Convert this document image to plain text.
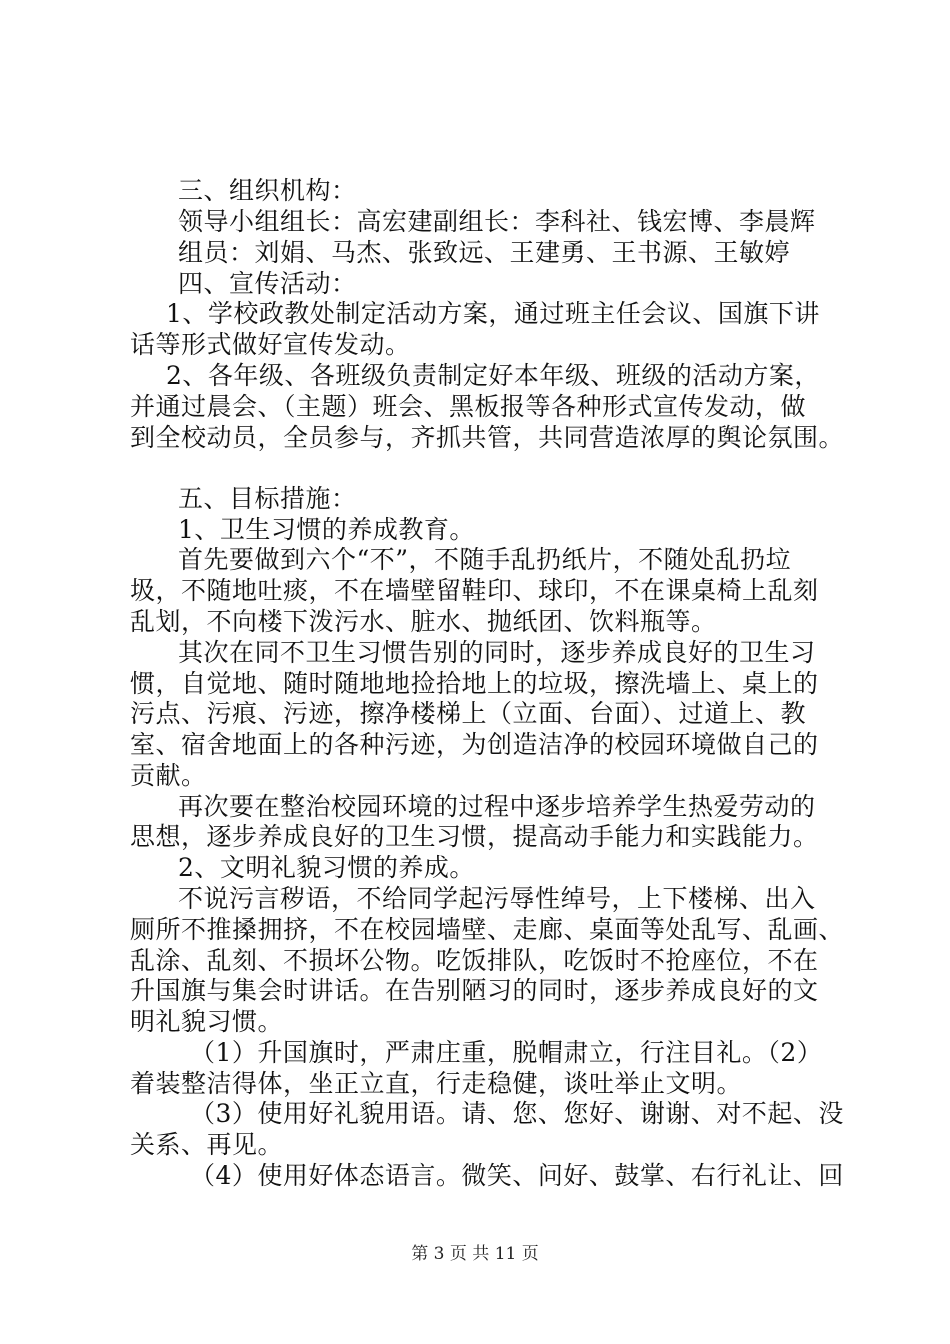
三、组织机构：
领导小组组长：高宏建副组长：李科社、钱宏博、李晨辉
组员：刘娟、马杰、张致远、王建勇、王书源、王敏婷
四、宣传活动：
1、学校政教处制定活动方案，通过班主任会议、国旗下讲
话等形式做好宣传发动。
2、各年级、各班级负责制定好本年级、班级的活动方案，
并通过晨会、（主题）班会、黑板报等各种形式宣传发动，做
到全校动员，全员参与，齐抓共管，共同营造浓厚的舆论氛围。
五、目标措施：
1、卫生习惯的养成教育。
首先要做到六个“不”，不随手乱扔纸片，不随处乱扔垃
圾，不随地吐痰，不在墙壁留鞋印、球印，不在课桌椅上乱刻
乱划，不向楼下泼污水、脏水、抛纸团、饮料瓶等。
其次在同不卫生习惯告别的同时，逐步养成良好的卫生习
惯，自觉地、随时随地地捡拾地上的垃圾，擦洗墙上、桌上的
污点、污痕、污迹，擦净楼梯上（立面、台面）、过道上、教
室、宿舍地面上的各种污迹，为创造洁净的校园环境做自己的
贡献。
再次要在整治校园环境的过程中逐步培养学生热爱劳动的
思想，逐步养成良好的卫生习惯，提高动手能力和实践能力。
2、文明礼貌习惯的养成。
不说污言秽语，不给同学起污辱性绰号，上下楼梯、出入
厕所不推搡拥挤，不在校园墙壁、走廊、桌面等处乱写、乱画、
乱涂、乱刻、不损坏公物。吃饭排队，吃饭时不抢座位，不在
升国旗与集会时讲话。在告别陋习的同时，逐步养成良好的文
明礼貌习惯。
（1）升国旗时，严肃庄重，脱帽肃立，行注目礼。（2）
着装整洁得体，坐正立直，行走稳健，谈吐举止文明。
（3）使用好礼貌用语。请、您、您好、谢谢、对不起、没
关系、再见。
（4）使用好体态语言。微笑、问好、鼓掌、右行礼让、回
第 3 页 共 11 页
